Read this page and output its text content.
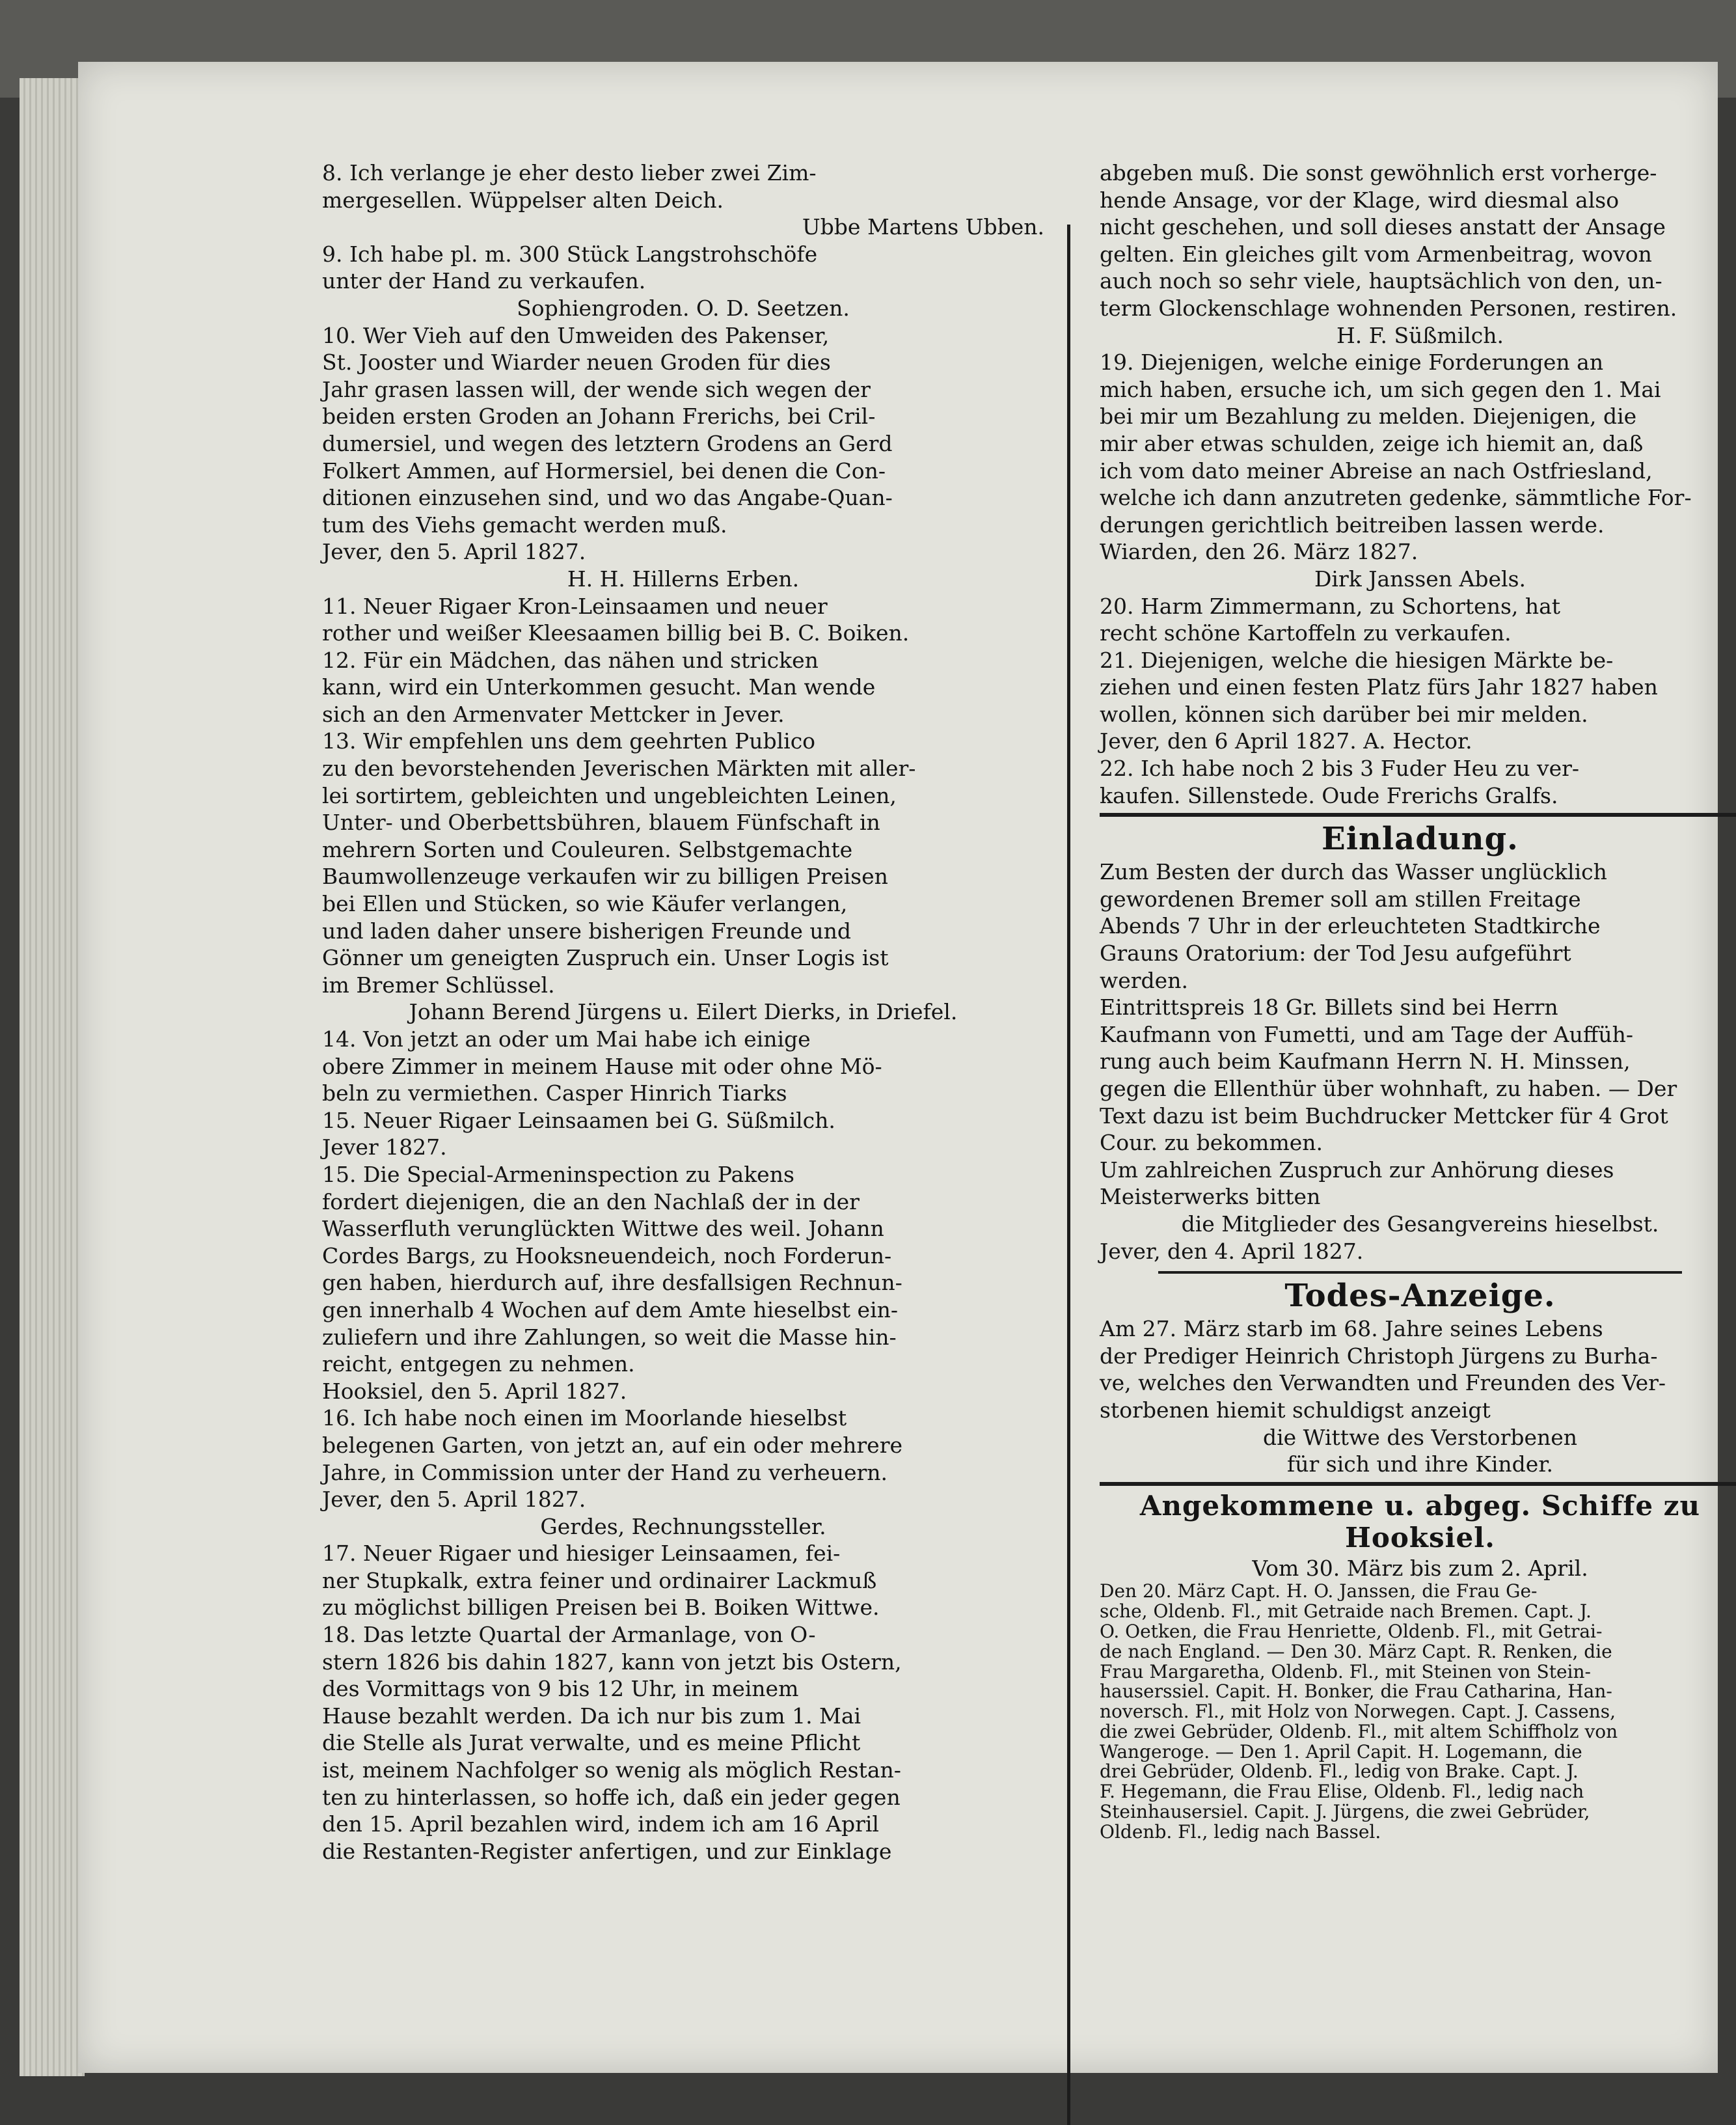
8. Ich verlange je eher desto lieber zwei Zim-
mergesellen. Wüppelser alten Deich.

Ubbe Martens Ubben.

9. Ich habe pl. m. 300 Stück Langstrohschöfe
unter der Hand zu verkaufen.

Sophiengroden. O. D. Seetzen.

10. Wer Vieh auf den Umweiden des Pakenser,
St. Jooster und Wiarder neuen Groden für dies
Jahr grasen lassen will, der wende sich wegen der
beiden ersten Groden an Johann Frerichs, bei Cril-
dumersiel, und wegen des letztern Grodens an Gerd
Folkert Ammen, auf Hormersiel, bei denen die Con-
ditionen einzusehen sind, und wo das Angabe-Quan-
tum des Viehs gemacht werden muß.

Jever, den 5. April 1827.

H. H. Hillerns Erben.

11. Neuer Rigaer Kron-Leinsaamen und neuer
rother und weißer Kleesaamen billig bei B. C. Boiken.

12. Für ein Mädchen, das nähen und stricken
kann, wird ein Unterkommen gesucht. Man wende
sich an den Armenvater Mettcker in Jever.

13. Wir empfehlen uns dem geehrten Publico
zu den bevorstehenden Jeverischen Märkten mit aller-
lei sortirtem, gebleichten und ungebleichten Leinen,
Unter- und Oberbettsbühren, blauem Fünfschaft in
mehrern Sorten und Couleuren. Selbstgemachte
Baumwollenzeuge verkaufen wir zu billigen Preisen
bei Ellen und Stücken, so wie Käufer verlangen,
und laden daher unsere bisherigen Freunde und
Gönner um geneigten Zuspruch ein. Unser Logis ist
im Bremer Schlüssel.

Johann Berend Jürgens u. Eilert Dierks, in Driefel.

14. Von jetzt an oder um Mai habe ich einige
obere Zimmer in meinem Hause mit oder ohne Mö-
beln zu vermiethen. Casper Hinrich Tiarks

15. Neuer Rigaer Leinsaamen bei G. Süßmilch.
Jever 1827.

15. Die Special-Armeninspection zu Pakens
fordert diejenigen, die an den Nachlaß der in der
Wasserfluth verunglückten Wittwe des weil. Johann
Cordes Bargs, zu Hooksneuendeich, noch Forderun-
gen haben, hierdurch auf, ihre desfallsigen Rechnun-
gen innerhalb 4 Wochen auf dem Amte hieselbst ein-
zuliefern und ihre Zahlungen, so weit die Masse hin-
reicht, entgegen zu nehmen.

Hooksiel, den 5. April 1827.

16. Ich habe noch einen im Moorlande hieselbst
belegenen Garten, von jetzt an, auf ein oder mehrere
Jahre, in Commission unter der Hand zu verheuern.

Jever, den 5. April 1827.

Gerdes, Rechnungssteller.

17. Neuer Rigaer und hiesiger Leinsaamen, fei-
ner Stupkalk, extra feiner und ordinairer Lackmuß
zu möglichst billigen Preisen bei B. Boiken Wittwe.

18. Das letzte Quartal der Armanlage, von O-
stern 1826 bis dahin 1827, kann von jetzt bis Ostern,
des Vormittags von 9 bis 12 Uhr, in meinem
Hause bezahlt werden. Da ich nur bis zum 1. Mai
die Stelle als Jurat verwalte, und es meine Pflicht
ist, meinem Nachfolger so wenig als möglich Restan-
ten zu hinterlassen, so hoffe ich, daß ein jeder gegen
den 15. April bezahlen wird, indem ich am 16 April
die Restanten-Register anfertigen, und zur Einklage

abgeben muß. Die sonst gewöhnlich erst vorherge-
hende Ansage, vor der Klage, wird diesmal also
nicht geschehen, und soll dieses anstatt der Ansage
gelten. Ein gleiches gilt vom Armenbeitrag, wovon
auch noch so sehr viele, hauptsächlich von den, un-
term Glockenschlage wohnenden Personen, restiren.

H. F. Süßmilch.

19. Diejenigen, welche einige Forderungen an
mich haben, ersuche ich, um sich gegen den 1. Mai
bei mir um Bezahlung zu melden. Diejenigen, die
mir aber etwas schulden, zeige ich hiemit an, daß
ich vom dato meiner Abreise an nach Ostfriesland,
welche ich dann anzutreten gedenke, sämmtliche For-
derungen gerichtlich beitreiben lassen werde.

Wiarden, den 26. März 1827.

Dirk Janssen Abels.

20. Harm Zimmermann, zu Schortens, hat
recht schöne Kartoffeln zu verkaufen.

21. Diejenigen, welche die hiesigen Märkte be-
ziehen und einen festen Platz fürs Jahr 1827 haben
wollen, können sich darüber bei mir melden.

Jever, den 6 April 1827. A. Hector.

22. Ich habe noch 2 bis 3 Fuder Heu zu ver-
kaufen. Sillenstede. Oude Frerichs Gralfs.

Einladung.

Zum Besten der durch das Wasser unglücklich
gewordenen Bremer soll am stillen Freitage
Abends 7 Uhr in der erleuchteten Stadtkirche
Grauns Oratorium: der Tod Jesu aufgeführt
werden.

Eintrittspreis 18 Gr. Billets sind bei Herrn
Kaufmann von Fumetti, und am Tage der Auffüh-
rung auch beim Kaufmann Herrn N. H. Minssen,
gegen die Ellenthür über wohnhaft, zu haben. — Der
Text dazu ist beim Buchdrucker Mettcker für 4 Grot
Cour. zu bekommen.

Um zahlreichen Zuspruch zur Anhörung dieses
Meisterwerks bitten

die Mitglieder des Gesangvereins hieselbst.

Jever, den 4. April 1827.

Todes-Anzeige.

Am 27. März starb im 68. Jahre seines Lebens
der Prediger Heinrich Christoph Jürgens zu Burha-
ve, welches den Verwandten und Freunden des Ver-
storbenen hiemit schuldigst anzeigt

die Wittwe des Verstorbenen
für sich und ihre Kinder.

Angekommene u. abgeg. Schiffe zu Hooksiel.

Vom 30. März bis zum 2. April.

Den 20. März Capt. H. O. Janssen, die Frau Ge-
sche, Oldenb. Fl., mit Getraide nach Bremen. Capt. J.
O. Oetken, die Frau Henriette, Oldenb. Fl., mit Getrai-
de nach England. — Den 30. März Capt. R. Renken, die
Frau Margaretha, Oldenb. Fl., mit Steinen von Stein-
hauserssiel. Capit. H. Bonker, die Frau Catharina, Han-
noversch. Fl., mit Holz von Norwegen. Capt. J. Cassens,
die zwei Gebrüder, Oldenb. Fl., mit altem Schiffholz von
Wangeroge. — Den 1. April Capit. H. Logemann, die
drei Gebrüder, Oldenb. Fl., ledig von Brake. Capt. J.
F. Hegemann, die Frau Elise, Oldenb. Fl., ledig nach
Steinhausersiel. Capit. J. Jürgens, die zwei Gebrüder,
Oldenb. Fl., ledig nach Bassel.
